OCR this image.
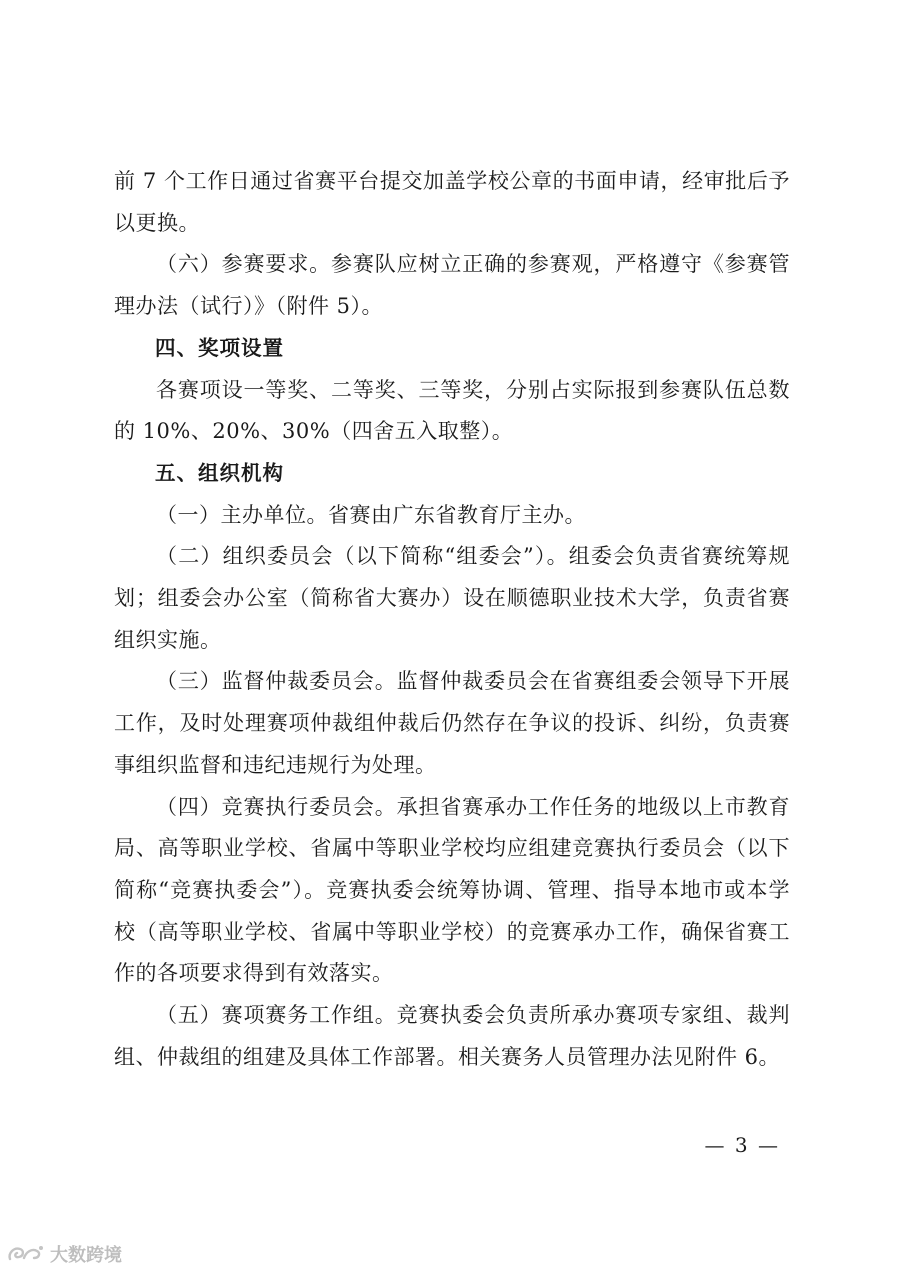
前 7 个工作日通过省赛平台提交加盖学校公章的书面申请，经审批后予以更换。

（六）参赛要求。参赛队应树立正确的参赛观，严格遵守《参赛管理办法（试行）》（附件 5）。

四、奖项设置

各赛项设一等奖、二等奖、三等奖，分别占实际报到参赛队伍总数的 10%、20%、30%（四舍五入取整）。

五、组织机构

（一）主办单位。省赛由广东省教育厅主办。

（二）组织委员会（以下简称“组委会”）。组委会负责省赛统筹规划；组委会办公室（简称省大赛办）设在顺德职业技术大学，负责省赛组织实施。

（三）监督仲裁委员会。监督仲裁委员会在省赛组委会领导下开展工作，及时处理赛项仲裁组仲裁后仍然存在争议的投诉、纠纷，负责赛事组织监督和违纪违规行为处理。

（四）竞赛执行委员会。承担省赛承办工作任务的地级以上市教育局、高等职业学校、省属中等职业学校均应组建竞赛执行委员会（以下简称“竞赛执委会”）。竞赛执委会统筹协调、管理、指导本地市或本学校（高等职业学校、省属中等职业学校）的竞赛承办工作，确保省赛工作的各项要求得到有效落实。

（五）赛项赛务工作组。竞赛执委会负责所承办赛项专家组、裁判组、仲裁组的组建及具体工作部署。相关赛务人员管理办法见附件 6。

— 3 —
大数跨境
